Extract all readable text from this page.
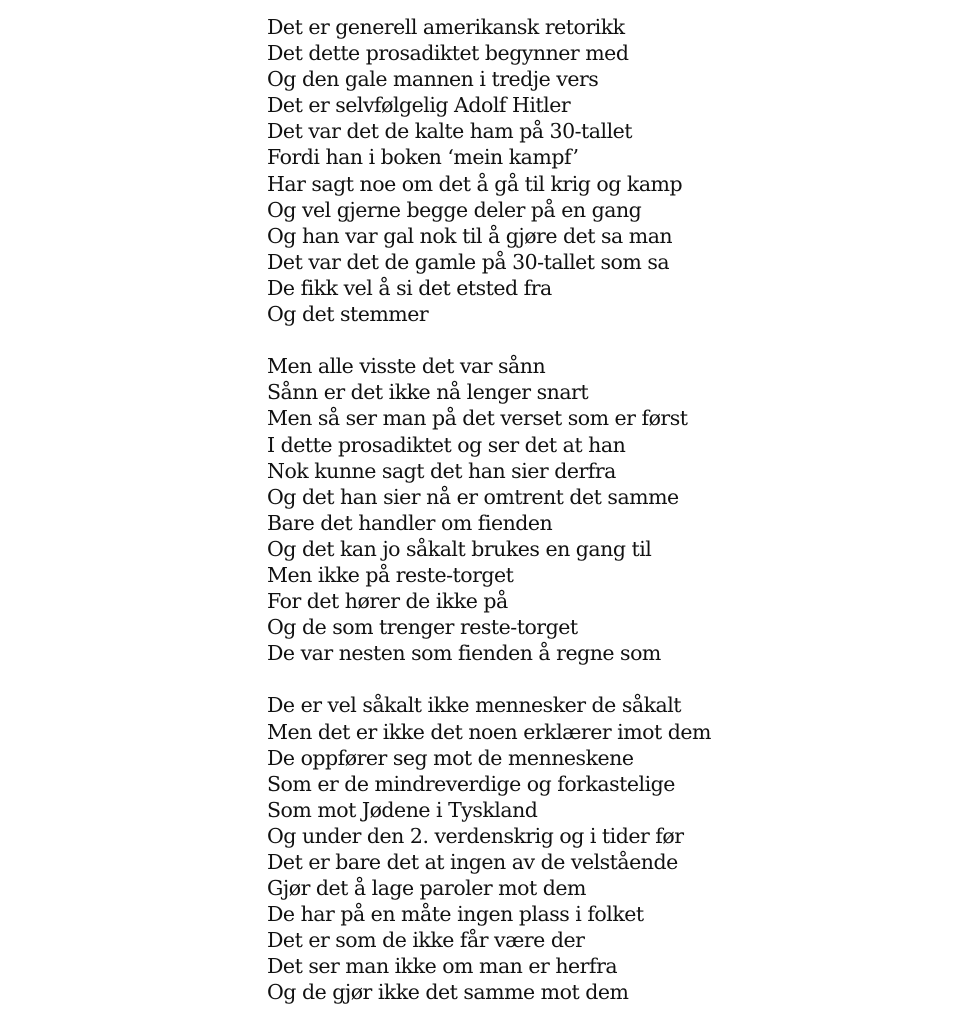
Det er generell amerikansk retorikk
Det dette prosadiktet begynner med
Og den gale mannen i tredje vers
Det er selvfølgelig Adolf Hitler
Det var det de kalte ham på 30-tallet
Fordi han i boken ‘mein kampf’
Har sagt noe om det å gå til krig og kamp
Og vel gjerne begge deler på en gang
Og han var gal nok til å gjøre det sa man
Det var det de gamle på 30-tallet som sa
De fikk vel å si det etsted fra
Og det stemmer
Men alle visste det var sånn
Sånn er det ikke nå lenger snart
Men så ser man på det verset som er først
I dette prosadiktet og ser det at han
Nok kunne sagt det han sier derfra
Og det han sier nå er omtrent det samme
Bare det handler om fienden
Og det kan jo såkalt brukes en gang til
Men ikke på reste-torget
For det hører de ikke på
Og de som trenger reste-torget
De var nesten som fienden å regne som
De er vel såkalt ikke mennesker de såkalt
Men det er ikke det noen erklærer imot dem
De oppfører seg mot de menneskene
Som er de mindreverdige og forkastelige
Som mot Jødene i Tyskland
Og under den 2. verdenskrig og i tider før
Det er bare det at ingen av de velstående
Gjør det å lage paroler mot dem
De har på en måte ingen plass i folket
Det er som de ikke får være der
Det ser man ikke om man er herfra
Og de gjør ikke det samme mot dem
